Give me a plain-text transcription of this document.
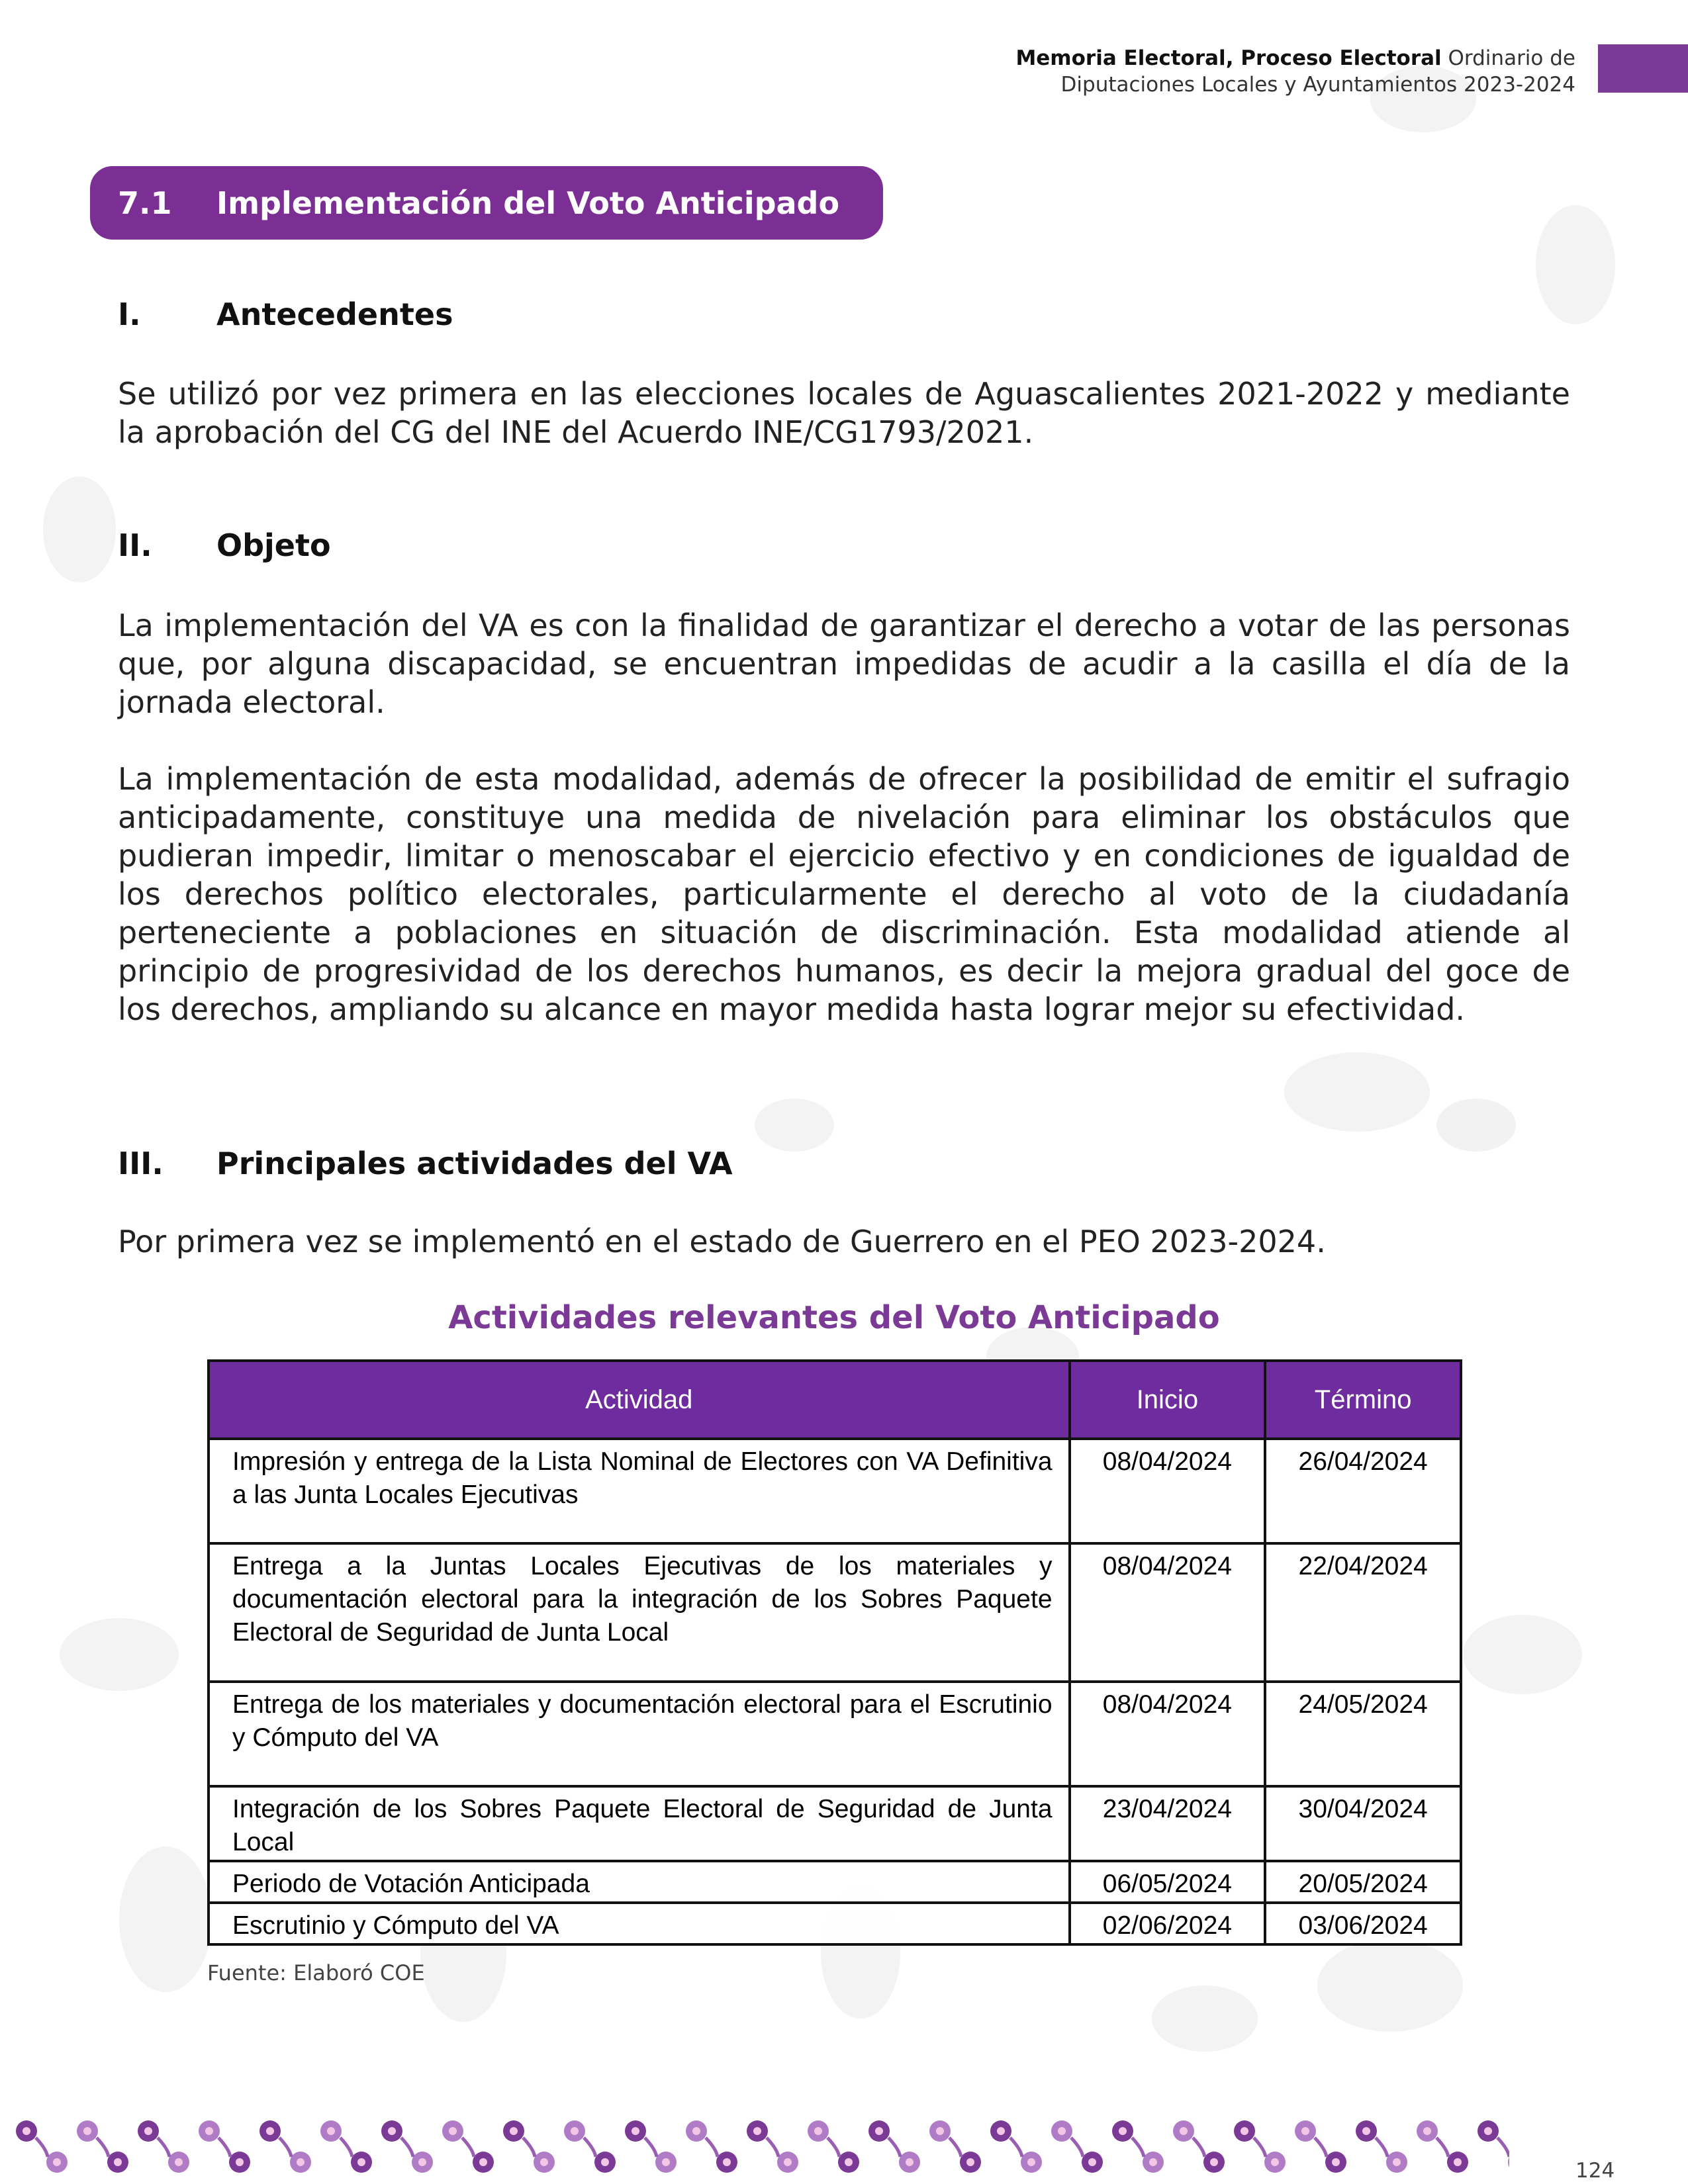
Memoria Electoral, Proceso Electoral Ordinario de
Diputaciones Locales y Ayuntamientos 2023-2024
7.1 Implementación del Voto Anticipado
I. Antecedentes
Se utilizó por vez primera en las elecciones locales de Aguascalientes 2021-2022 y mediante la aprobación del CG del INE del Acuerdo INE/CG1793/2021.
II. Objeto
La implementación del VA es con la finalidad de garantizar el derecho a votar de las personas que, por alguna discapacidad, se encuentran impedidas de acudir a la casilla el día de la jornada electoral.
La implementación de esta modalidad, además de ofrecer la posibilidad de emitir el sufragio anticipadamente, constituye una medida de nivelación para eliminar los obstáculos que pudieran impedir, limitar o menoscabar el ejercicio efectivo y en condiciones de igualdad de los derechos político electorales, particularmente el derecho al voto de la ciudadanía perteneciente a poblaciones en situación de discriminación. Esta modalidad atiende al principio de progresividad de los derechos humanos, es decir la mejora gradual del goce de los derechos, ampliando su alcance en mayor medida hasta lograr mejor su efectividad.
III. Principales actividades del VA
Por primera vez se implementó en el estado de Guerrero en el PEO 2023-2024.
Actividades relevantes del Voto Anticipado
Actividad	Inicio	Término
Impresión y entrega de la Lista Nominal de Electores con VA Definitiva a las Junta Locales Ejecutivas	08/04/2024	26/04/2024
Entrega a la Juntas Locales Ejecutivas de los materiales y documentación electoral para la integración de los Sobres Paquete Electoral de Seguridad de Junta Local	08/04/2024	22/04/2024
Entrega de los materiales y documentación electoral para el Escrutinio y Cómputo del VA	08/04/2024	24/05/2024
Integración de los Sobres Paquete Electoral de Seguridad de Junta Local	23/04/2024	30/04/2024
Periodo de Votación Anticipada	06/05/2024	20/05/2024
Escrutinio y Cómputo del VA	02/06/2024	03/06/2024
Fuente: Elaboró COE
124
